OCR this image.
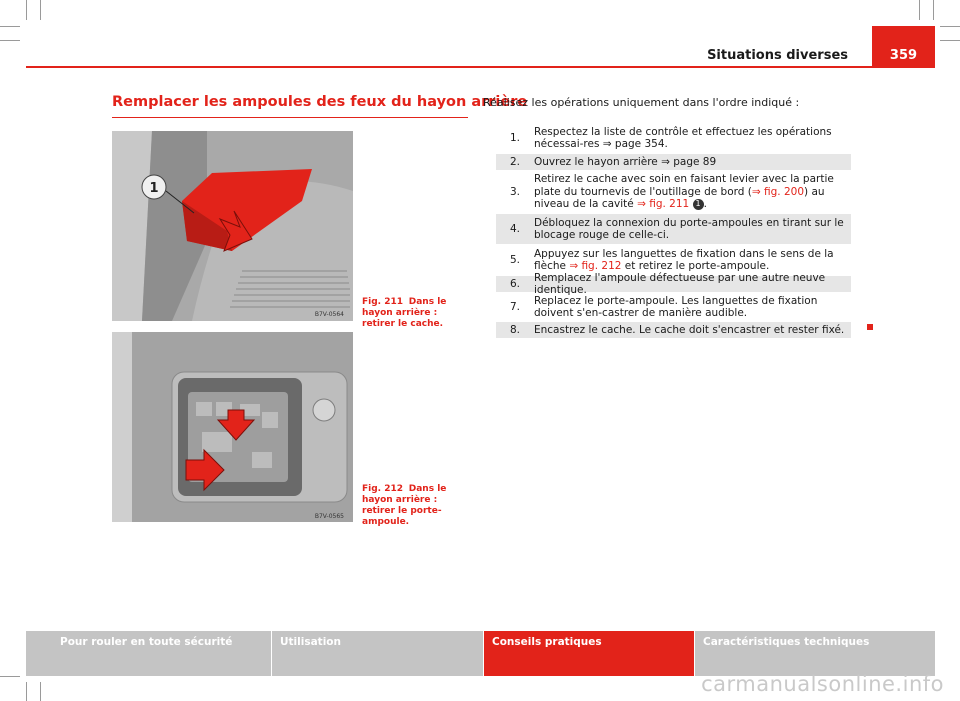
Situations diverses	359
Remplacer les ampoules des feux du hayon arrière
1
B7V-0564
Fig. 211 Dans le hayon arrière : retirer le cache.
B7V-0565
Fig. 212 Dans le hayon arrière : retirer le porte-ampoule.
Réalisez les opérations uniquement dans l'ordre indiqué :
1.
Respectez la liste de contrôle et effectuez les opérations nécessai-res ⇒ page 354.
2.	Ouvrez le hayon arrière ⇒ page 89
3.
Retirez le cache avec soin en faisant levier avec la partie plate du tournevis de l'outillage de bord (⇒ fig. 200) au niveau de la cavité ⇒ fig. 211 1 .
4.
Débloquez la connexion du porte-ampoules en tirant sur le blocage rouge de celle-ci.
5.
Appuyez sur les languettes de fixation dans le sens de la flèche ⇒ fig. 212 et retirez le porte-ampoule.
6.
Remplacez l'ampoule défectueuse par une autre neuve identique.
7.
Replacez le porte-ampoule. Les languettes de fixation doivent s'en-castrer de manière audible.
8.	Encastrez le cache. Le cache doit s'encastrer et rester fixé.
Pour rouler en toute sécurité	Utilisation	Conseils pratiques	Caractéristiques techniques
carmanualsonline.info
